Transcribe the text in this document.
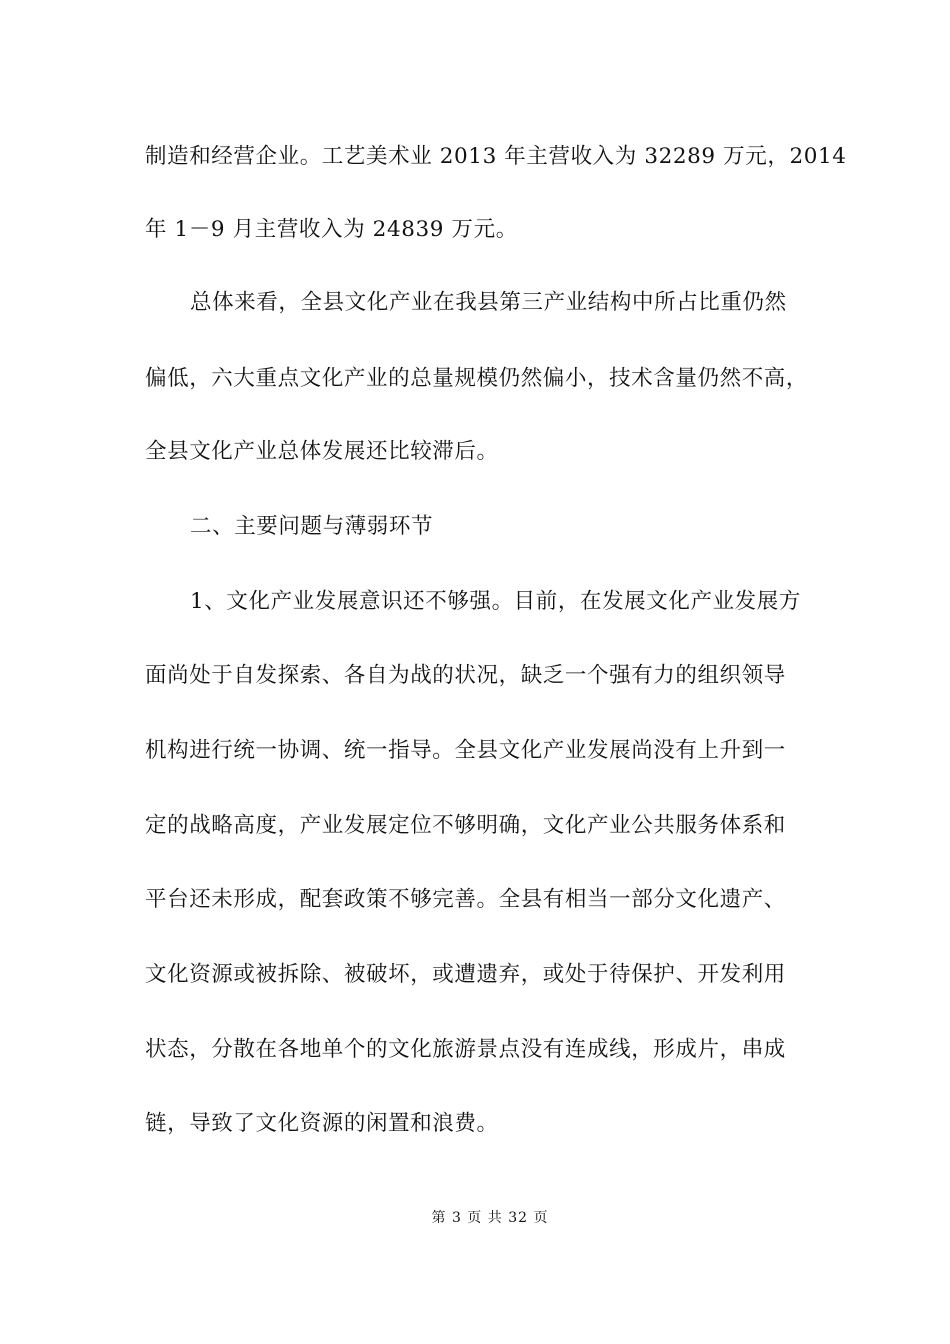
制造和经营企业。工艺美术业 2013 年主营收入为 32289 万元，2014
年 1－9 月主营收入为 24839 万元。
总体来看，全县文化产业在我县第三产业结构中所占比重仍然
偏低，六大重点文化产业的总量规模仍然偏小，技术含量仍然不高，
全县文化产业总体发展还比较滞后。
二、主要问题与薄弱环节
1、文化产业发展意识还不够强。目前，在发展文化产业发展方
面尚处于自发探索、各自为战的状况，缺乏一个强有力的组织领导
机构进行统一协调、统一指导。全县文化产业发展尚没有上升到一
定的战略高度，产业发展定位不够明确，文化产业公共服务体系和
平台还未形成，配套政策不够完善。全县有相当一部分文化遗产、
文化资源或被拆除、被破坏，或遭遗弃，或处于待保护、开发利用
状态，分散在各地单个的文化旅游景点没有连成线，形成片，串成
链，导致了文化资源的闲置和浪费。
第 3 页 共 32 页
